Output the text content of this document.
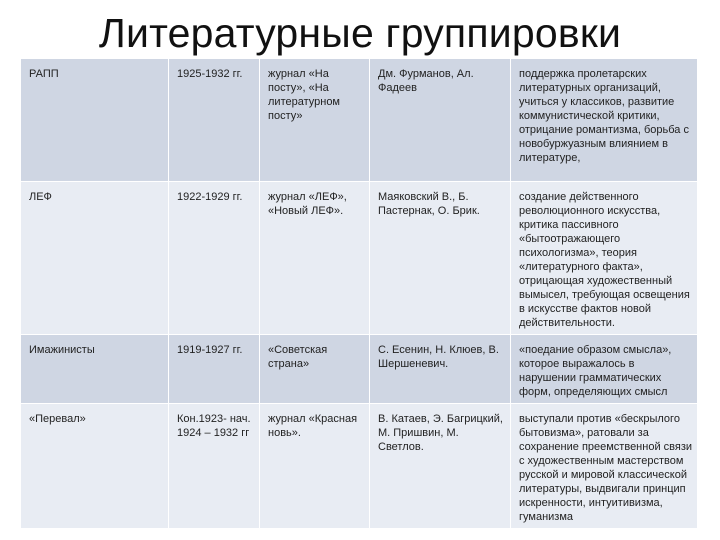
Литературные группировки
РАПП	1925-1932 гг.	журнал «На посту», «На литературном посту»	Дм. Фурманов, Ал. Фадеев	поддержка пролетарских литературных организаций, учиться у классиков, развитие коммунистической критики, отрицание романтизма, борьба с новобуржуазным влиянием в литературе,
ЛЕФ	1922-1929 гг.	журнал «ЛЕФ», «Новый ЛЕФ».	Маяковский В., Б. Пастернак, О. Брик.	создание действенного революционного искусства, критика пассивного «бытоотражающего психологизма», теория «литературного факта», отрицающая художественный вымысел, требующая освещения в искусстве фактов новой действительности.
Имажинисты	1919-1927 гг.	«Советская страна»	С. Есенин, Н. Клюев, В. Шершеневич.	«поедание образом смысла», которое выражалось в нарушении грамматических форм, определяющих смысл
«Перевал»	Кон.1923- нач. 1924 – 1932 гг	журнал «Красная новь».	В. Катаев, Э. Багрицкий, М. Пришвин, М. Светлов.	выступали против «бескрылого бытовизма», ратовали за сохранение преемственной связи с художественным мастерством русской и мировой классической литературы, выдвигали принцип искренности, интуитивизма, гуманизма
